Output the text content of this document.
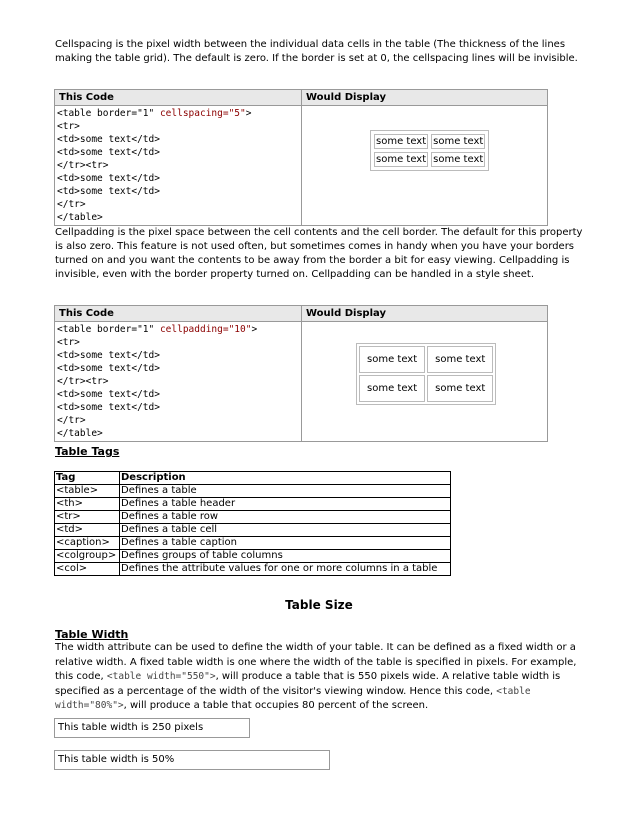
Cellspacing is the pixel width between the individual data cells in the table (The thickness of the lines making the table grid). The default is zero. If the border is set at 0, the cellspacing lines will be invisible.

This Code	Would Display

<table border="1" cellspacing="5">
<tr>
<td>some text</td>
<td>some text</td>
</tr><tr>
<td>some text</td>
<td>some text</td>
</tr>
</table>

some text	some text
some text	some text

Cellpadding is the pixel space between the cell contents and the cell border. The default for this property is also zero. This feature is not used often, but sometimes comes in handy when you have your borders turned on and you want the contents to be away from the border a bit for easy viewing. Cellpadding is invisible, even with the border property turned on. Cellpadding can be handled in a style sheet.

This Code	Would Display

<table border="1" cellpadding="10">
<tr>
<td>some text</td>
<td>some text</td>
</tr><tr>
<td>some text</td>
<td>some text</td>
</tr>
</table>

some text	some text
some text	some text
Table Tags
Tag	Description
<table>	Defines a table
<th>	Defines a table header
<tr>	Defines a table row
<td>	Defines a table cell
<caption>	Defines a table caption
<colgroup>	Defines groups of table columns
<col>	Defines the attribute values for one or more columns in a table
Table Size
Table Width

The width attribute can be used to define the width of your table. It can be defined as a fixed width or a relative width. A fixed table width is one where the width of the table is specified in pixels. For example, this code, <table width="550">, will produce a table that is 550 pixels wide. A relative table width is specified as a percentage of the width of the visitor's viewing window. Hence this code, <table width="80%">, will produce a table that occupies 80 percent of the screen.

This table width is 250 pixels
This table width is 50%
